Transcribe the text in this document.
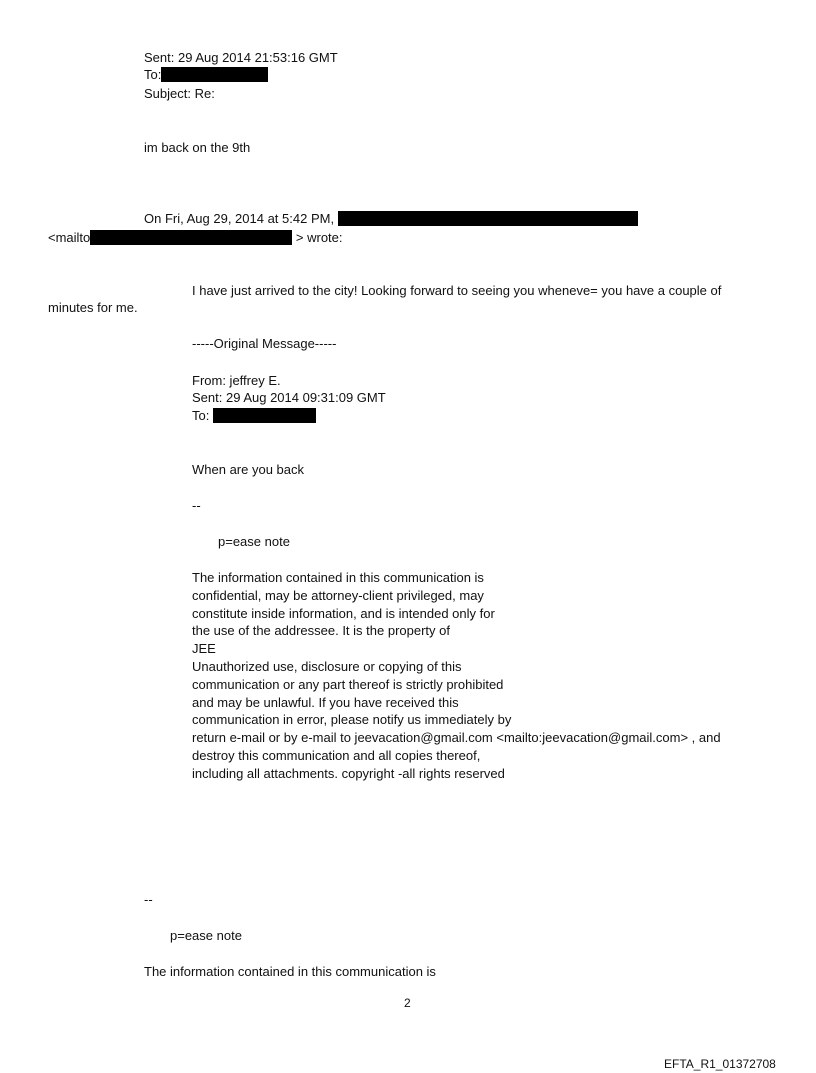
Sent: 29 Aug 2014 21:53:16 GMT
To:
Subject: Re:
im back on the 9th
On Fri, Aug 29, 2014 at 5:42 PM,
<mailto	> wrote:
I have just arrived to the city! Looking forward to seeing you wheneve= you have a couple of
minutes for me.
-----Original Message-----
From: jeffrey E.
Sent: 29 Aug 2014 09:31:09 GMT
To:
When are you back
--
p=ease note
The information contained in this communication is
confidential, may be attorney-client privileged, may
constitute inside information, and is intended only for
the use of the addressee. It is the property of
JEE
Unauthorized use, disclosure or copying of this
communication or any part thereof is strictly prohibited
and may be unlawful. If you have received this
communication in error, please notify us immediately by
return e-mail or by e-mail to jeevacation@gmail.com <mailto:jeevacation@gmail.com> , and
destroy this communication and all copies thereof,
including all attachments. copyright -all rights reserved
--
p=ease note
The information contained in this communication is
2
EFTA_R1_01372708
